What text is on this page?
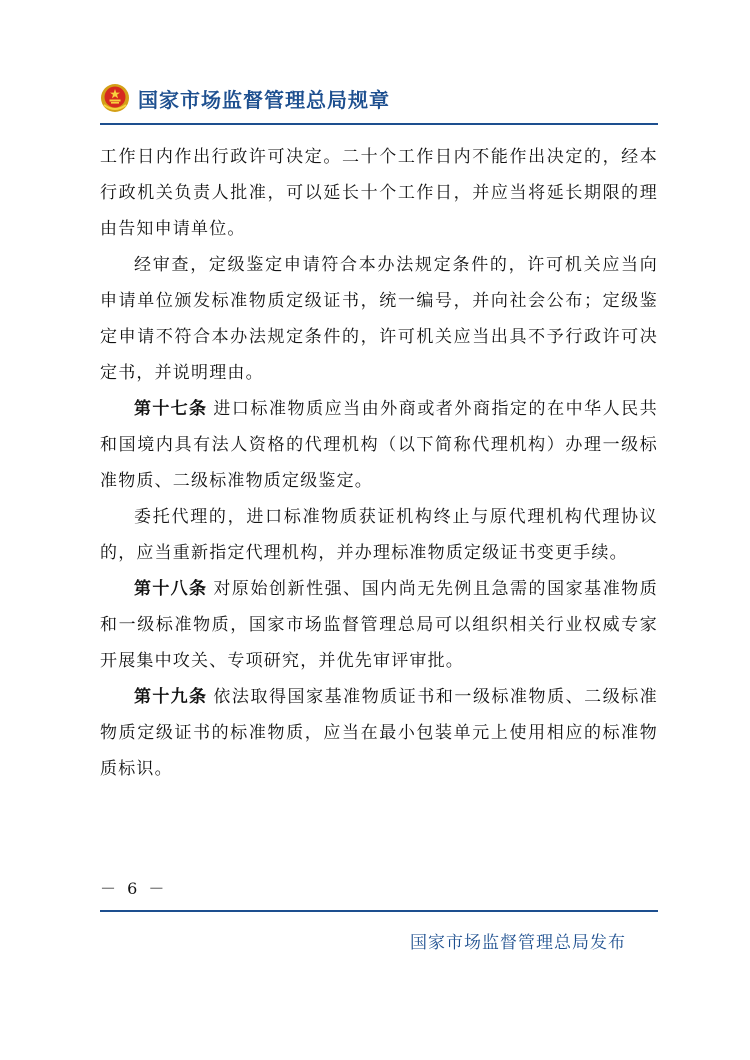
国家市场监督管理总局规章

工作日内作出行政许可决定。二十个工作日内不能作出决定的，经本行政机关负责人批准，可以延长十个工作日，并应当将延长期限的理由告知申请单位。

经审查，定级鉴定申请符合本办法规定条件的，许可机关应当向申请单位颁发标准物质定级证书，统一编号，并向社会公布；定级鉴定申请不符合本办法规定条件的，许可机关应当出具不予行政许可决定书，并说明理由。

第十七条 进口标准物质应当由外商或者外商指定的在中华人民共和国境内具有法人资格的代理机构（以下简称代理机构）办理一级标准物质、二级标准物质定级鉴定。

委托代理的，进口标准物质获证机构终止与原代理机构代理协议的，应当重新指定代理机构，并办理标准物质定级证书变更手续。

第十八条 对原始创新性强、国内尚无先例且急需的国家基准物质和一级标准物质，国家市场监督管理总局可以组织相关行业权威专家开展集中攻关、专项研究，并优先审评审批。

第十九条 依法取得国家基准物质证书和一级标准物质、二级标准物质定级证书的标准物质，应当在最小包装单元上使用相应的标准物质标识。

－ 6 －
国家市场监督管理总局发布
